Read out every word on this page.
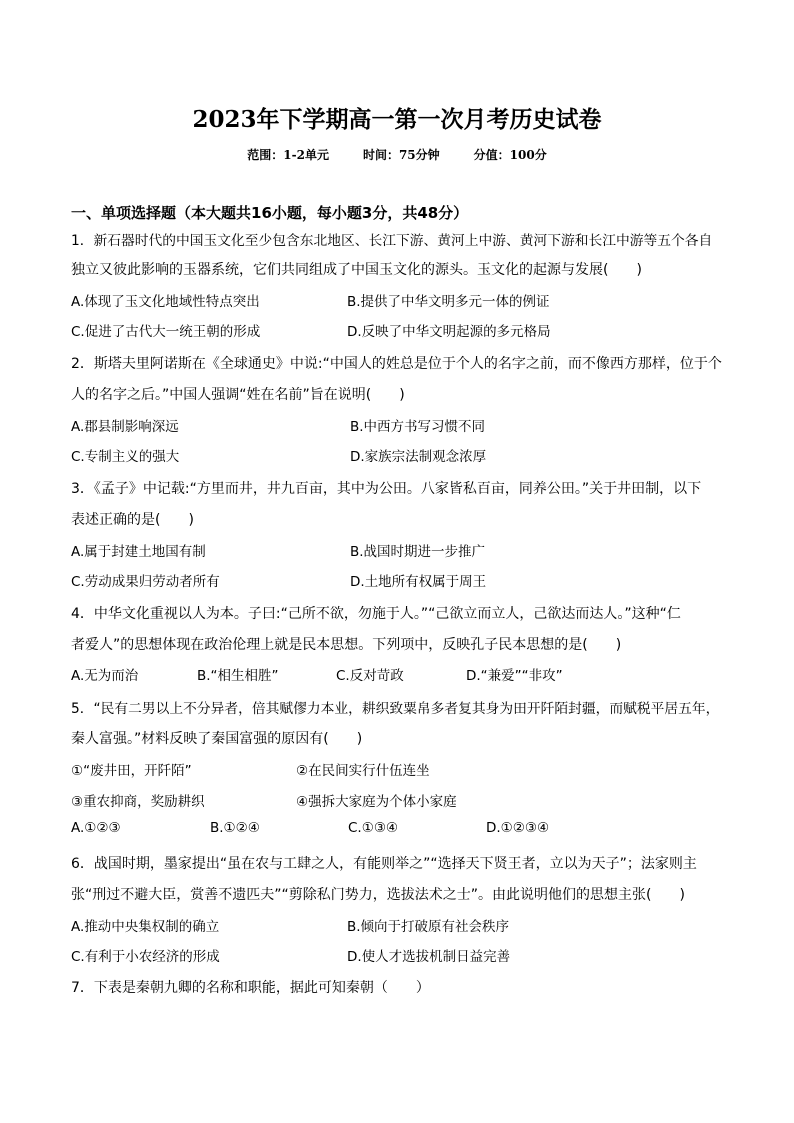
2023年下学期高一第一次月考历史试卷
范围：1-2单元	时间：75分钟	分值：100分
一、单项选择题（本大题共16小题，每小题3分，共48分）
1．新石器时代的中国玉文化至少包含东北地区、长江下游、黄河上中游、黄河下游和长江中游等五个各自
独立又彼此影响的玉器系统，它们共同组成了中国玉文化的源头。玉文化的起源与发展(　　)
A.体现了玉文化地域性特点突出	B.提供了中华文明多元一体的例证
C.促进了古代大一统王朝的形成	D.反映了中华文明起源的多元格局
2．斯塔夫里阿诺斯在《全球通史》中说:“中国人的姓总是位于个人的名字之前，而不像西方那样，位于个
人的名字之后。”中国人强调“姓在名前”旨在说明(　　)
A.郡县制影响深远	B.中西方书写习惯不同
C.专制主义的强大	D.家族宗法制观念浓厚
3．《孟子》中记载:“方里而井，井九百亩，其中为公田。八家皆私百亩，同养公田。”关于井田制，以下
表述正确的是(　　)
A.属于封建土地国有制	B.战国时期进一步推广
C.劳动成果归劳动者所有	D.土地所有权属于周王
4．中华文化重视以人为本。子曰:“己所不欲，勿施于人。”“己欲立而立人，己欲达而达人。”这种“仁
者爱人”的思想体现在政治伦理上就是民本思想。下列项中，反映孔子民本思想的是(　　)
A.无为而治	B.“相生相胜”	C.反对苛政	D.“兼爱”“非攻”
5．“民有二男以上不分异者，倍其赋僇力本业，耕织致粟帛多者复其身为田开阡陌封疆，而赋税平居五年，
秦人富强。”材料反映了秦国富强的原因有(　　)
①“废井田，开阡陌”	②在民间实行什伍连坐
③重农抑商，奖励耕织	④强拆大家庭为个体小家庭
A.①②③	B.①②④	C.①③④	D.①②③④
6．战国时期，墨家提出“虽在农与工肆之人，有能则举之”“选择天下贤王者，立以为天子”；法家则主
张“刑过不避大臣，赏善不遗匹夫”“剪除私门势力，选拔法术之士”。由此说明他们的思想主张(　　)
A.推动中央集权制的确立	B.倾向于打破原有社会秩序
C.有利于小农经济的形成	D.使人才选拔机制日益完善
7．下表是秦朝九卿的名称和职能，据此可知秦朝（　　）
